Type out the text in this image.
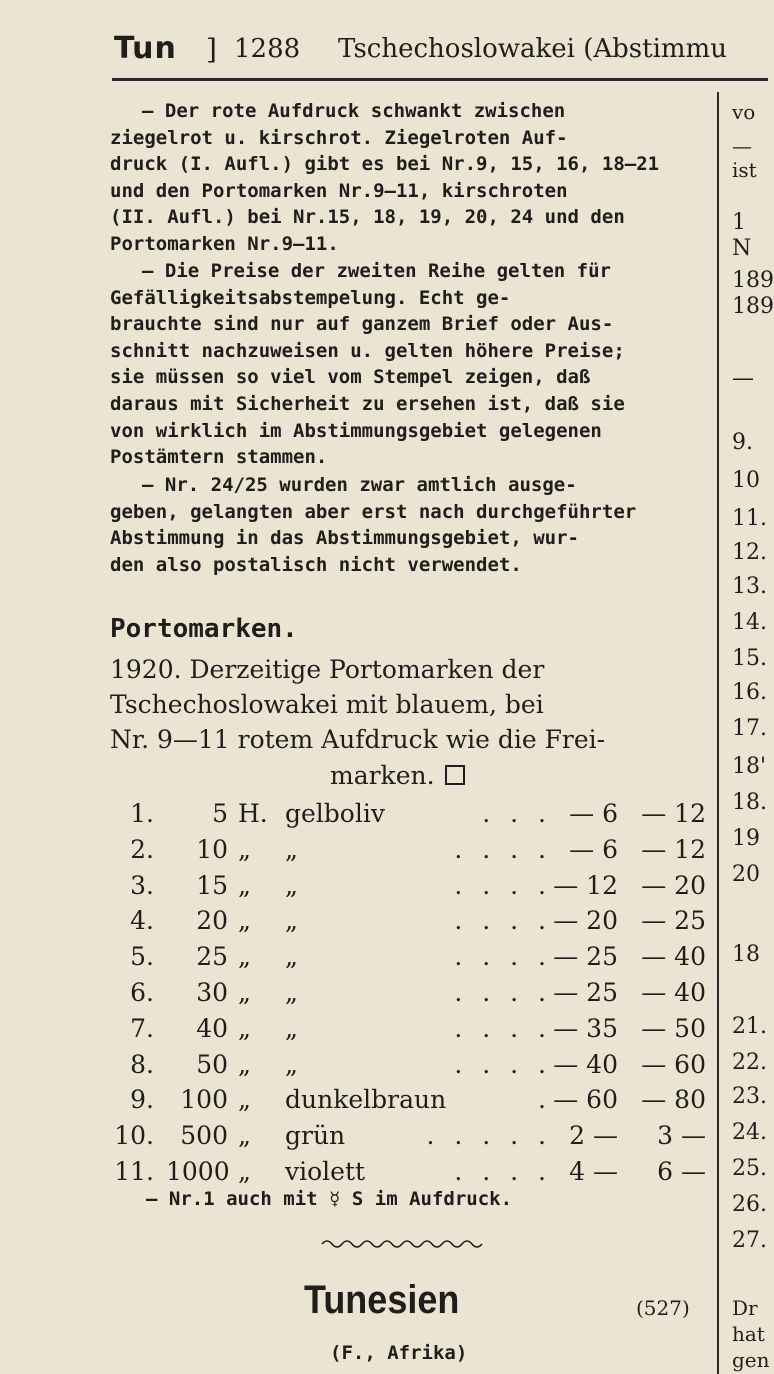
Tun ] 1288 Tschechoslowakei (Abstimmu
— Der rote Aufdruck schwankt zwischen
ziegelrot u. kirschrot. Ziegelroten Auf-
druck (I. Aufl.) gibt es bei Nr.9, 15, 16, 18—21
und den Portomarken Nr.9—11, kirschroten
(II. Aufl.) bei Nr.15, 18, 19, 20, 24 und den
Portomarken Nr.9—11.
— Die Preise der zweiten Reihe gelten für
Gefälligkeitsabstempelung. Echt ge-
brauchte sind nur auf ganzem Brief oder Aus-
schnitt nachzuweisen u. gelten höhere Preise;
sie müssen so viel vom Stempel zeigen, daß
daraus mit Sicherheit zu ersehen ist, daß sie
von wirklich im Abstimmungsgebiet gelegenen
Postämtern stammen.
— Nr. 24/25 wurden zwar amtlich ausge-
geben, gelangten aber erst nach durchgeführter
Abstimmung in das Abstimmungsgebiet, wur-
den also postalisch nicht verwendet.
Portomarken.
1920. Derzeitige Portomarken der
Tschechoslowakei mit blauem, bei
Nr. 9—11 rotem Aufdruck wie die Frei-
marken.
1.	5 H. gelboliv	. . . — 6 — 12
2.	10 „ „	. . . . — 6 — 12
3.	15 „ „	. . . . — 12 — 20
4.	20 „ „	. . . . — 20 — 25
5.	25 „ „	. . . . — 25 — 40
6.	30 „ „	. . . . — 25 — 40
7.	40 „ „	. . . . — 35 — 50
8.	50 „ „	. . . . — 40 — 60
9.	100 „ dunkelbraun	. — 60 — 80
10.	500 „ grün	. . . . . 2 —	3 —
11. 1000 „ violett	. . . . 4 —	6 —
— Nr.1 auch mit ☿ S im Aufdruck.
Tunesien	(527)
(F., Afrika)
vo
—
ist
1
N
189
189
—
9.
10
11.
12.
13.
14.
15.
16.
17.
18'
18.
19
20
18
21.
22.
23.
24.
25.
26.
27.
Dr
hat
gen
